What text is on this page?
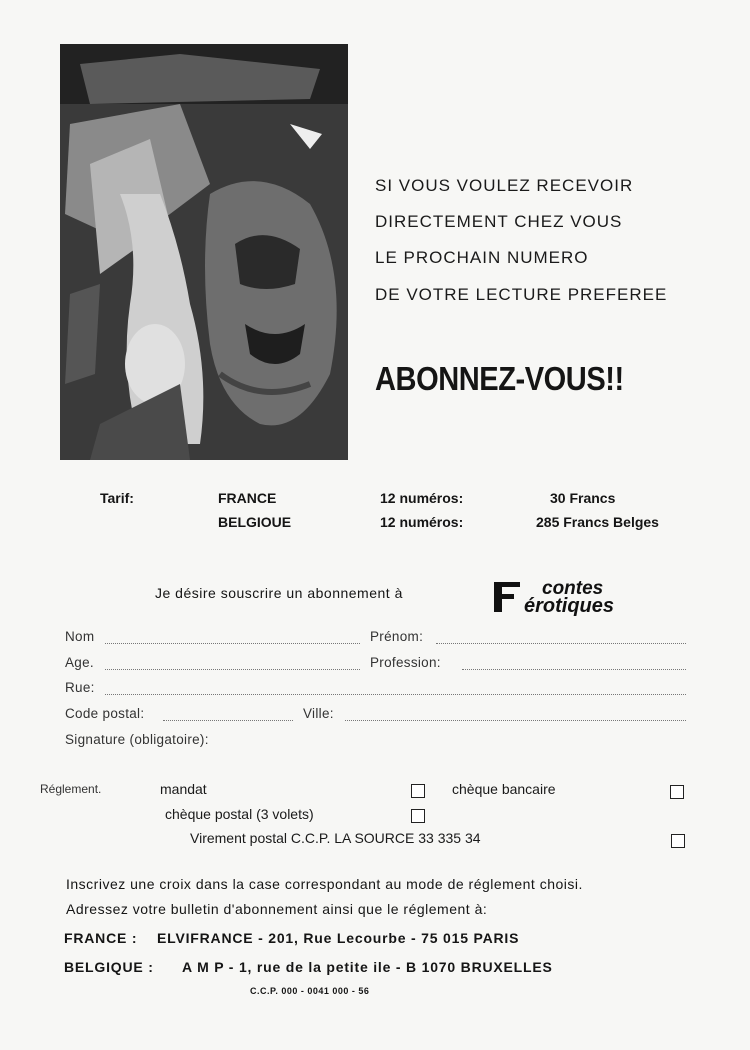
SI VOUS VOULEZ RECEVOIR
DIRECTEMENT CHEZ VOUS
LE PROCHAIN NUMERO
DE VOTRE LECTURE PREFEREE
ABONNEZ-VOUS!!
Tarif:	FRANCE	12 numéros:	30 Francs
BELGIOUE	12 numéros:	285 Francs Belges
Je désire souscrire un abonnement à	contes
érotiques
Nom	Prénom:
Age.	Profession:
Rue:
Code postal:	Ville:
Signature (obligatoire):
Réglement.	mandat	chèque bancaire
chèque postal (3 volets)
Virement postal C.C.P. LA SOURCE 33 335 34
Inscrivez une croix dans la case correspondant au mode de réglement choisi.
Adressez votre bulletin d'abonnement ainsi que le réglement à:
FRANCE : ELVIFRANCE - 201, Rue Lecourbe - 75 015 PARIS
BELGIQUE : A M P - 1, rue de la petite ile - B 1070 BRUXELLES
C.C.P. 000 - 0041 000 - 56
